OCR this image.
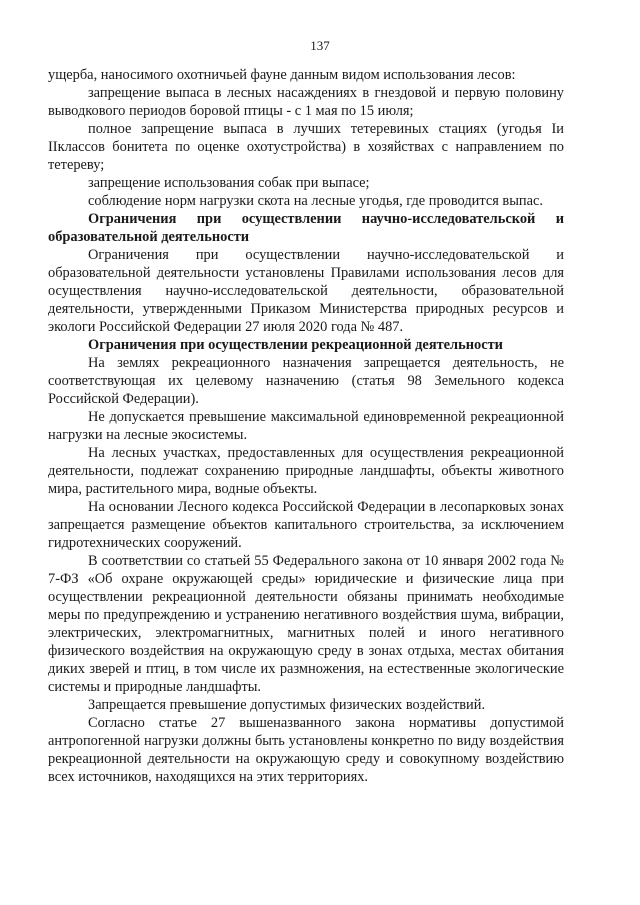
137

ущерба, наносимого охотничьей фауне данным видом использования лесов:

запрещение выпаса в лесных насаждениях в гнездовой и первую половину выводкового периодов боровой птицы - с 1 мая по 15 июля;

полное запрещение выпаса в лучших тетеревиных стациях (угодья Iи IIклассов бонитета по оценке охотустройства) в хозяйствах с направлением по тетереву;

запрещение использования собак при выпасе;

соблюдение норм нагрузки скота на лесные угодья, где проводится выпас.

Ограничения при осуществлении научно-исследовательской и образовательной деятельности

Ограничения при осуществлении научно-исследовательской и образовательной деятельности установлены Правилами использования лесов для осуществления научно-исследовательской деятельности, образовательной деятельности, утвержденными Приказом Министерства природных ресурсов и экологи Российской Федерации 27 июля 2020 года № 487.

Ограничения при осуществлении рекреационной деятельности

На землях рекреационного назначения запрещается деятельность, не соответствующая их целевому назначению (статья 98 Земельного кодекса Российской Федерации).

Не допускается превышение максимальной единовременной рекреационной нагрузки на лесные экосистемы.

На лесных участках, предоставленных для осуществления рекреационной деятельности, подлежат сохранению природные ландшафты, объекты животного мира, растительного мира, водные объекты.

На основании Лесного кодекса Российской Федерации в лесопарковых зонах запрещается размещение объектов капитального строительства, за исключением гидротехнических сооружений.

В соответствии со статьей 55 Федерального закона от 10 января 2002 года № 7-ФЗ «Об охране окружающей среды» юридические и физические лица при осуществлении рекреационной деятельности обязаны принимать необходимые меры по предупреждению и устранению негативного воздействия шума, вибрации, электрических, электромагнитных, магнитных полей и иного негативного физического воздействия на окружающую среду в зонах отдыха, местах обитания диких зверей и птиц, в том числе их размножения, на естественные экологические системы и природные ландшафты.

Запрещается превышение допустимых физических воздействий.

Согласно статье 27 вышеназванного закона нормативы допустимой антропогенной нагрузки должны быть установлены конкретно по виду воздействия рекреационной деятельности на окружающую среду и совокупному воздействию всех источников, находящихся на этих территориях.
